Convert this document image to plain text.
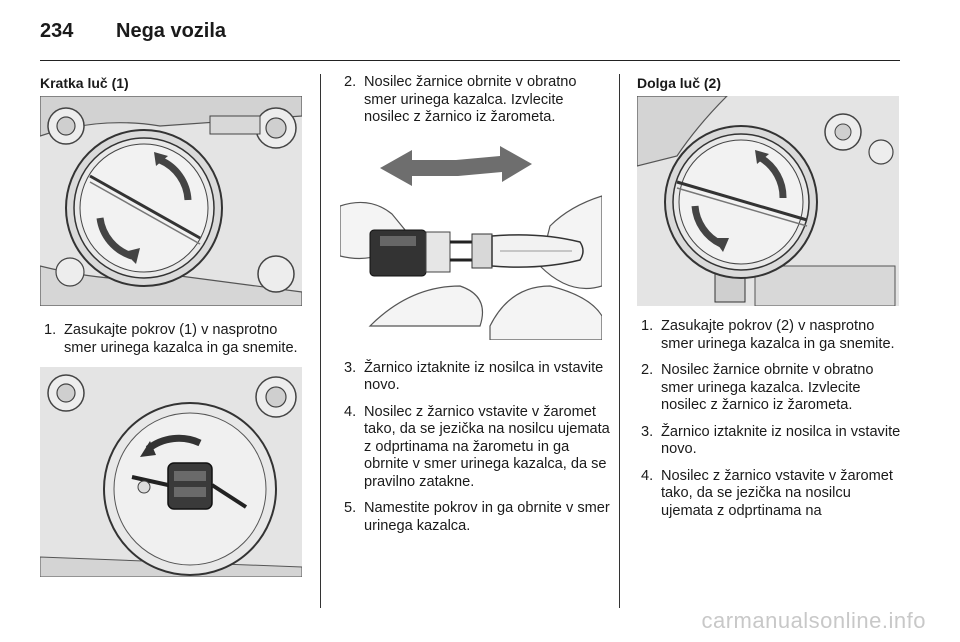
234 Nega vozila
Kratka luč (1)
1. Zasukajte pokrov (1) v nasprotno smer urinega kazalca in ga snemite.
2. Nosilec žarnice obrnite v obratno smer urinega kazalca. Izvlecite nosilec z žarnico iz žarometa.
3. Žarnico iztaknite iz nosilca in vstavite novo.
4. Nosilec z žarnico vstavite v žaromet tako, da se jezička na nosilcu ujemata z odprtinama na žarometu in ga obrnite v smer urinega kazalca, da se pravilno zatakne.
5. Namestite pokrov in ga obrnite v smer urinega kazalca.
Dolga luč (2)
1. Zasukajte pokrov (2) v nasprotno smer urinega kazalca in ga snemite.
2. Nosilec žarnice obrnite v obratno smer urinega kazalca. Izvlecite nosilec z žarnico iz žarometa.
3. Žarnico iztaknite iz nosilca in vstavite novo.
4. Nosilec z žarnico vstavite v žaromet tako, da se jezička na nosilcu ujemata z odprtinama na
carmanualsonline.info
